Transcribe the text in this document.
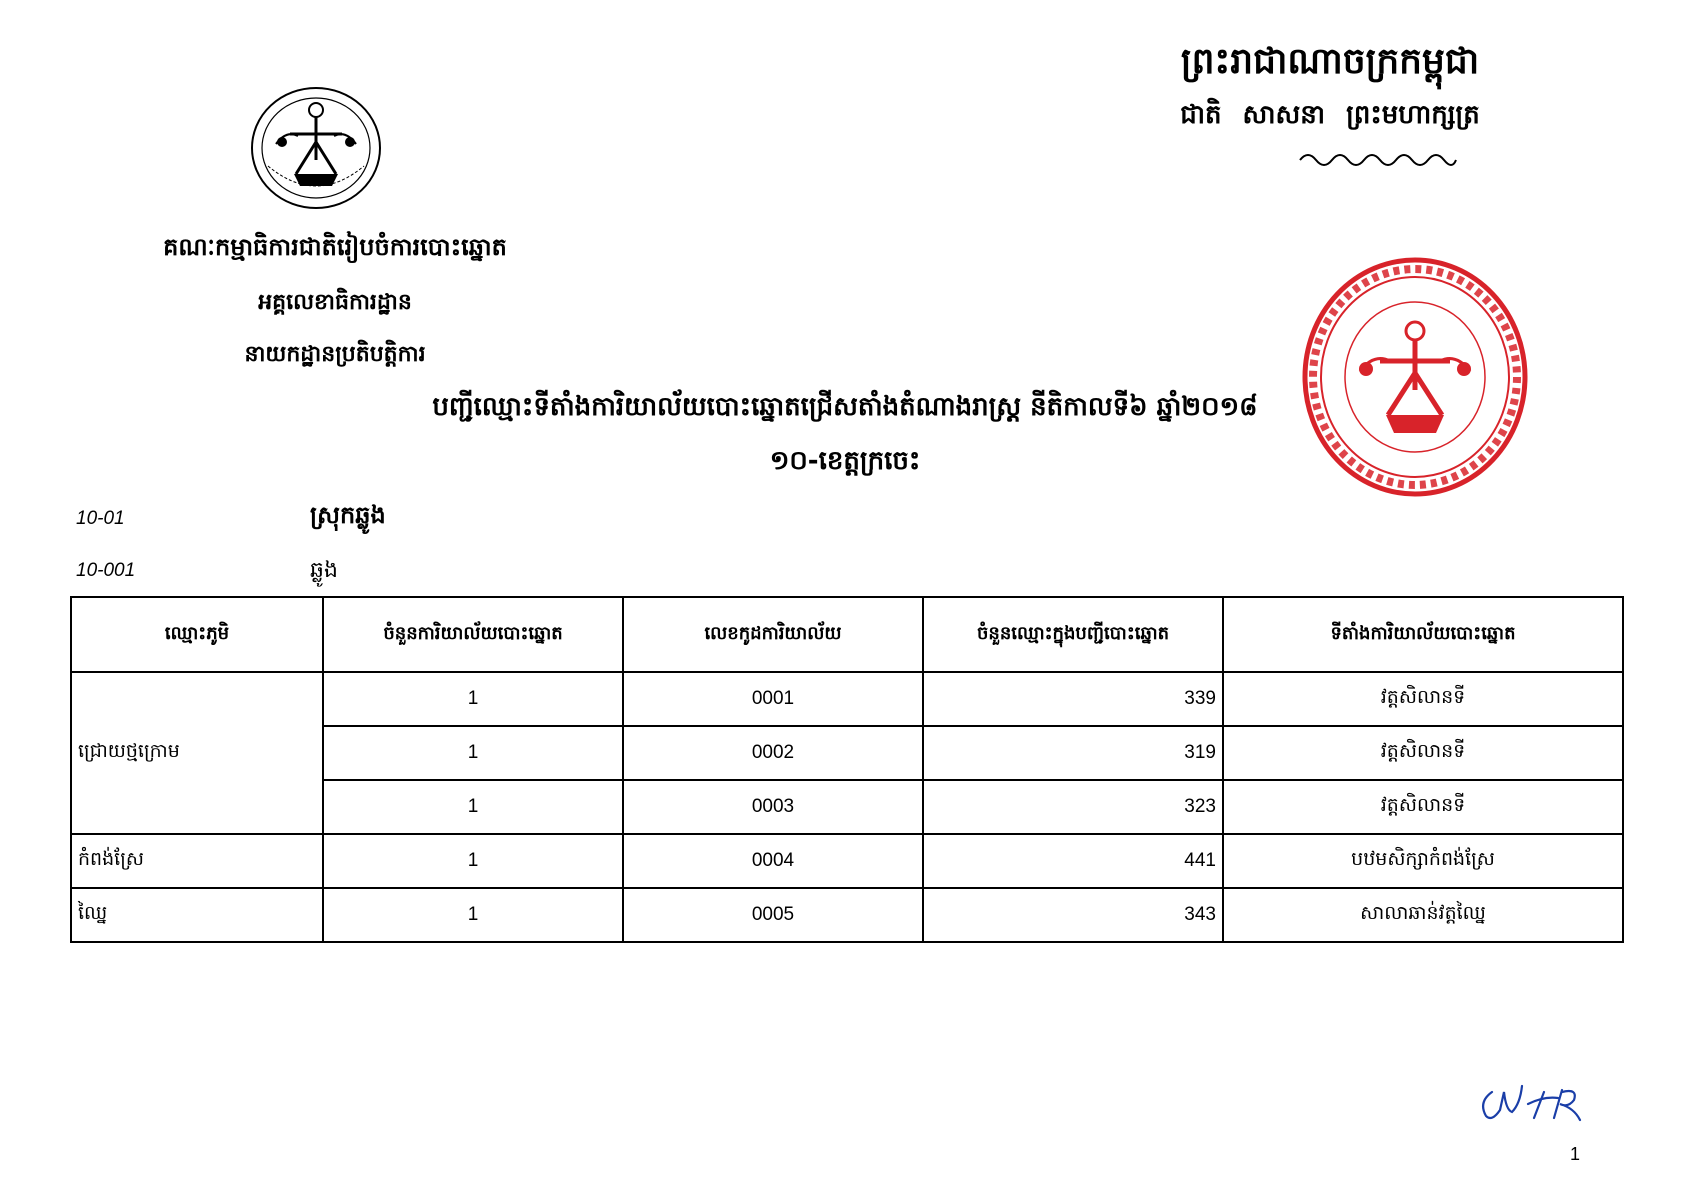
ព្រះរាជាណាចក្រកម្ពុជា
ជាតិ សាសនា ព្រះមហាក្សត្រ
គណៈកម្មាធិការជាតិរៀបចំការបោះឆ្នោត
អគ្គលេខាធិការដ្ឋាន
នាយកដ្ឋានប្រតិបត្តិការ
បញ្ជីឈ្មោះទីតាំងការិយាល័យបោះឆ្នោតជ្រើសតាំងតំណាងរាស្ត្រ នីតិកាលទី៦ ឆ្នាំ២០១៨
១០-ខេត្តក្រចេះ
10-01	ស្រុកឆ្លូង
10-001	ឆ្លូង
ឈ្មោះភូមិ	ចំនួនការិយាល័យបោះឆ្នោត	លេខកូដការិយាល័យ	ចំនួនឈ្មោះក្នុងបញ្ជីបោះឆ្នោត	ទីតាំងការិយាល័យបោះឆ្នោត
ជ្រោយថ្មក្រោម	1	0001	339	វត្តសិលានទី
	1	0002	319	វត្តសិលានទី
	1	0003	323	វត្តសិលានទី
កំពង់ស្រែ	1	0004	441	បឋមសិក្សាកំពង់ស្រែ
ឈ្នៃ	1	0005	343	សាលាឆាន់វត្តឈ្នៃ
1
